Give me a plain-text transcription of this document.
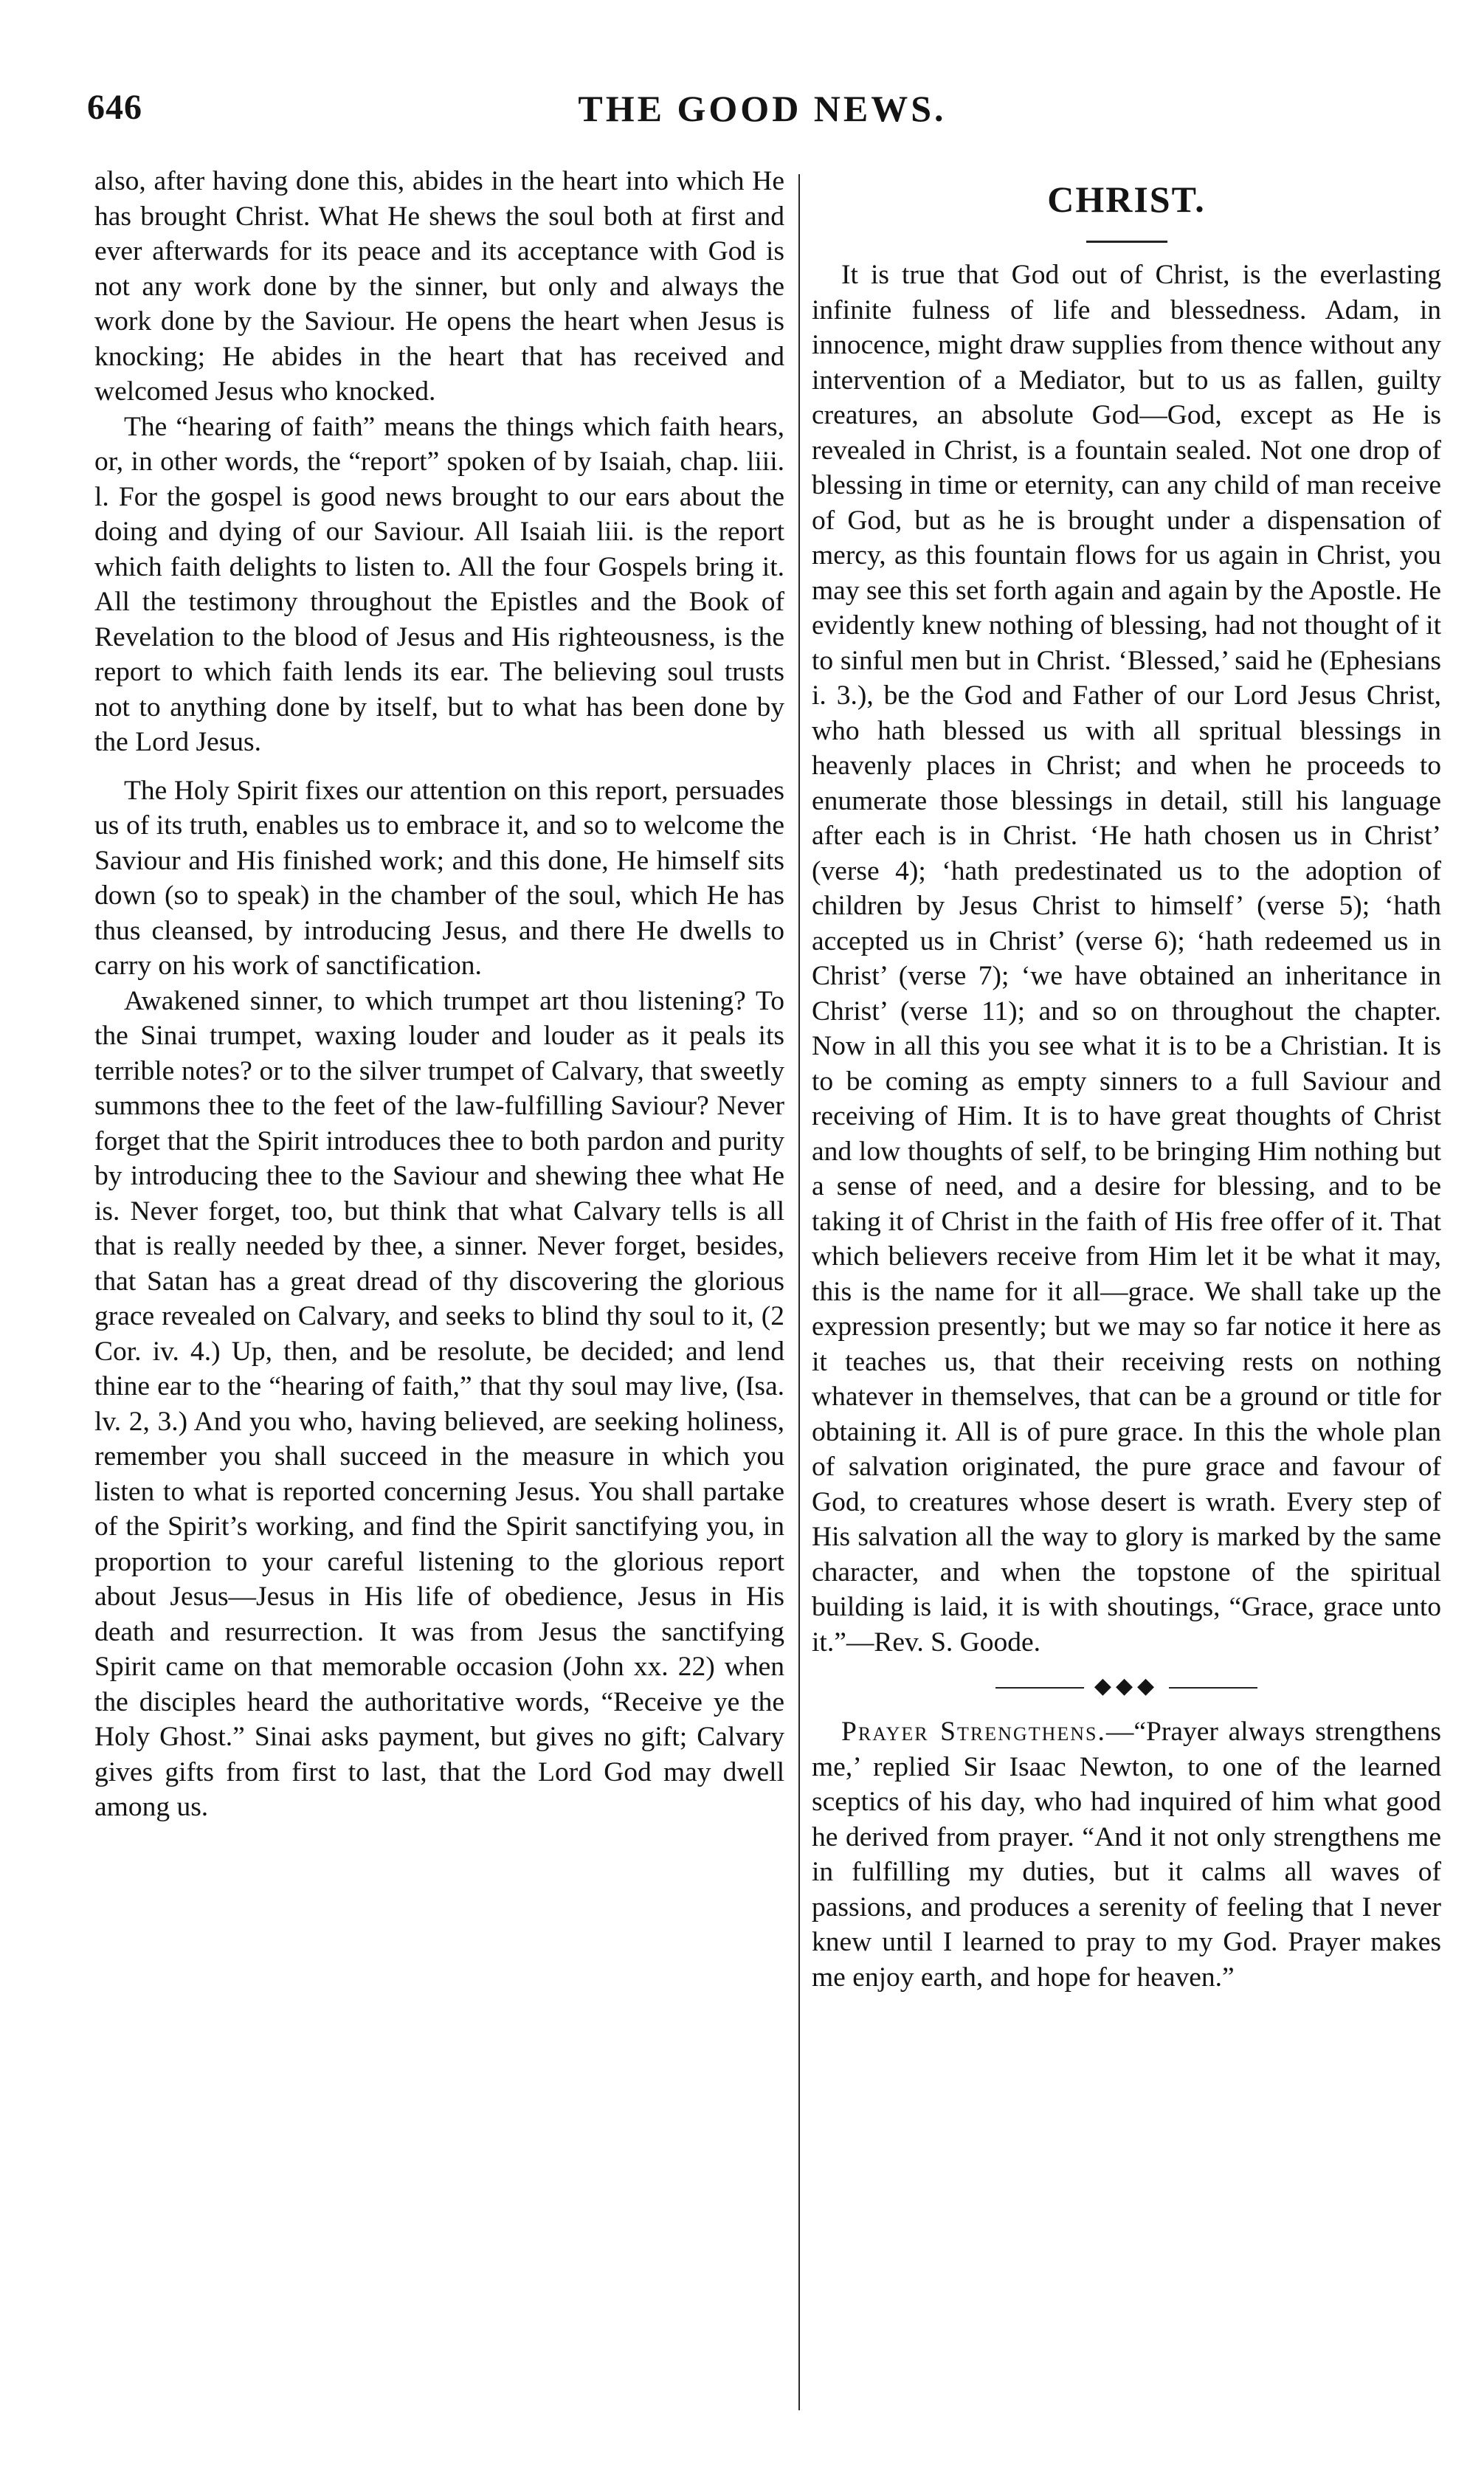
646	THE GOOD NEWS.

also, after having done this, abides in the heart into which He has brought Christ. What He shews the soul both at first and ever afterwards for its peace and its acceptance with God is not any work done by the sinner, but only and always the work done by the Saviour. He opens the heart when Jesus is knocking; He abides in the heart that has received and welcomed Jesus who knocked.

The “hearing of faith” means the things which faith hears, or, in other words, the “report” spoken of by Isaiah, chap. liii. l. For the gospel is good news brought to our ears about the doing and dying of our Saviour. All Isaiah liii. is the report which faith delights to listen to. All the four Gospels bring it. All the testimony throughout the Epistles and the Book of Revelation to the blood of Jesus and His righteousness, is the report to which faith lends its ear. The believing soul trusts not to anything done by itself, but to what has been done by the Lord Jesus.

The Holy Spirit fixes our attention on this report, persuades us of its truth, enables us to embrace it, and so to welcome the Saviour and His finished work; and this done, He himself sits down (so to speak) in the chamber of the soul, which He has thus cleansed, by introducing Jesus, and there He dwells to carry on his work of sanctification.

Awakened sinner, to which trumpet art thou listening? To the Sinai trumpet, waxing louder and louder as it peals its terrible notes? or to the silver trumpet of Calvary, that sweetly summons thee to the feet of the law-fulfilling Saviour? Never forget that the Spirit introduces thee to both pardon and purity by introducing thee to the Saviour and shewing thee what He is. Never forget, too, but think that what Calvary tells is all that is really needed by thee, a sinner. Never forget, besides, that Satan has a great dread of thy discovering the glorious grace revealed on Calvary, and seeks to blind thy soul to it, (2 Cor. iv. 4.) Up, then, and be resolute, be decided; and lend thine ear to the “hearing of faith,” that thy soul may live, (Isa. lv. 2, 3.) And you who, having believed, are seeking holiness, remember you shall succeed in the measure in which you listen to what is reported concerning Jesus. You shall partake of the Spirit’s working, and find the Spirit sanctifying you, in proportion to your careful listening to the glorious report about Jesus—Jesus in His life of obedience, Jesus in His death and resurrection. It was from Jesus the sanctifying Spirit came on that memorable occasion (John xx. 22) when the disciples heard the authoritative words, “Receive ye the Holy Ghost.” Sinai asks payment, but gives no gift; Calvary gives gifts from first to last, that the Lord God may dwell among us.

CHRIST.

It is true that God out of Christ, is the everlasting infinite fulness of life and blessedness. Adam, in innocence, might draw supplies from thence without any intervention of a Mediator, but to us as fallen, guilty creatures, an absolute God—God, except as He is revealed in Christ, is a fountain sealed. Not one drop of blessing in time or eternity, can any child of man receive of God, but as he is brought under a dispensation of mercy, as this fountain flows for us again in Christ, you may see this set forth again and again by the Apostle. He evidently knew nothing of blessing, had not thought of it to sinful men but in Christ. ‘Blessed,’ said he (Ephesians i. 3.), be the God and Father of our Lord Jesus Christ, who hath blessed us with all spritual blessings in heavenly places in Christ; and when he proceeds to enumerate those blessings in detail, still his language after each is in Christ. ‘He hath chosen us in Christ’ (verse 4); ‘hath predestinated us to the adoption of children by Jesus Christ to himself’ (verse 5); ‘hath accepted us in Christ’ (verse 6); ‘hath redeemed us in Christ’ (verse 7); ‘we have obtained an inheritance in Christ’ (verse 11); and so on throughout the chapter. Now in all this you see what it is to be a Christian. It is to be coming as empty sinners to a full Saviour and receiving of Him. It is to have great thoughts of Christ and low thoughts of self, to be bringing Him nothing but a sense of need, and a desire for blessing, and to be taking it of Christ in the faith of His free offer of it. That which believers receive from Him let it be what it may, this is the name for it all—grace. We shall take up the expression presently; but we may so far notice it here as it teaches us, that their receiving rests on nothing whatever in themselves, that can be a ground or title for obtaining it. All is of pure grace. In this the whole plan of salvation originated, the pure grace and favour of God, to creatures whose desert is wrath. Every step of His salvation all the way to glory is marked by the same character, and when the topstone of the spiritual building is laid, it is with shoutings, “Grace, grace unto it.”—Rev. S. Goode.

◆◆◆

Prayer Strengthens.—“Prayer always strengthens me,’ replied Sir Isaac Newton, to one of the learned sceptics of his day, who had inquired of him what good he derived from prayer. “And it not only strengthens me in fulfilling my duties, but it calms all waves of passions, and produces a serenity of feeling that I never knew until I learned to pray to my God. Prayer makes me enjoy earth, and hope for heaven.”
